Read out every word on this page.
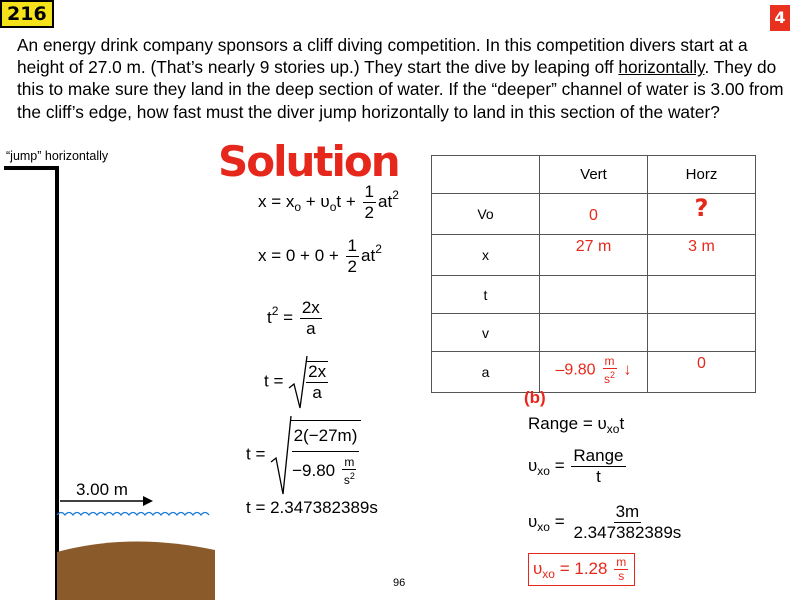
216	4
An energy drink company sponsors a cliff diving competition. In this competition divers start at a height of 27.0 m. (That’s nearly 9 stories up.) They start the dive by leaping off horizontally. They do this to make sure they land in the deep section of water. If the “deeper” channel of water is 3.00 from the cliff’s edge, how fast must the diver jump horizontally to land in this section of the water?
“jump” horizontally
3.00 m
Solution
$x = x_o + \upsilon_ot + \frac{1}{2} at^2$
$x = 0 + 0 + \frac{1}{2} at^2$
$t^2 = \frac{2x}{a}$
$t = \frac{2x}{a}$
$t = \frac{2(-27m)}{-9.80 \frac{m}{s^2}}$
t = 2.347382389s
	Vert	Horz
Vo	0	?
x	27 m	3 m
t		
v		
a	$-9.80 \frac{m}{s^2}$ ↓	0
(b)
Range = $\upsilon_{xo}t$
$\upsilon_{xo} = \frac{\text{Range}}{t}$
$\upsilon_{xo} = \frac{3m}{2.347382389s}$
$\upsilon_{xo} = 1.28 \frac{m}{s}$
96
